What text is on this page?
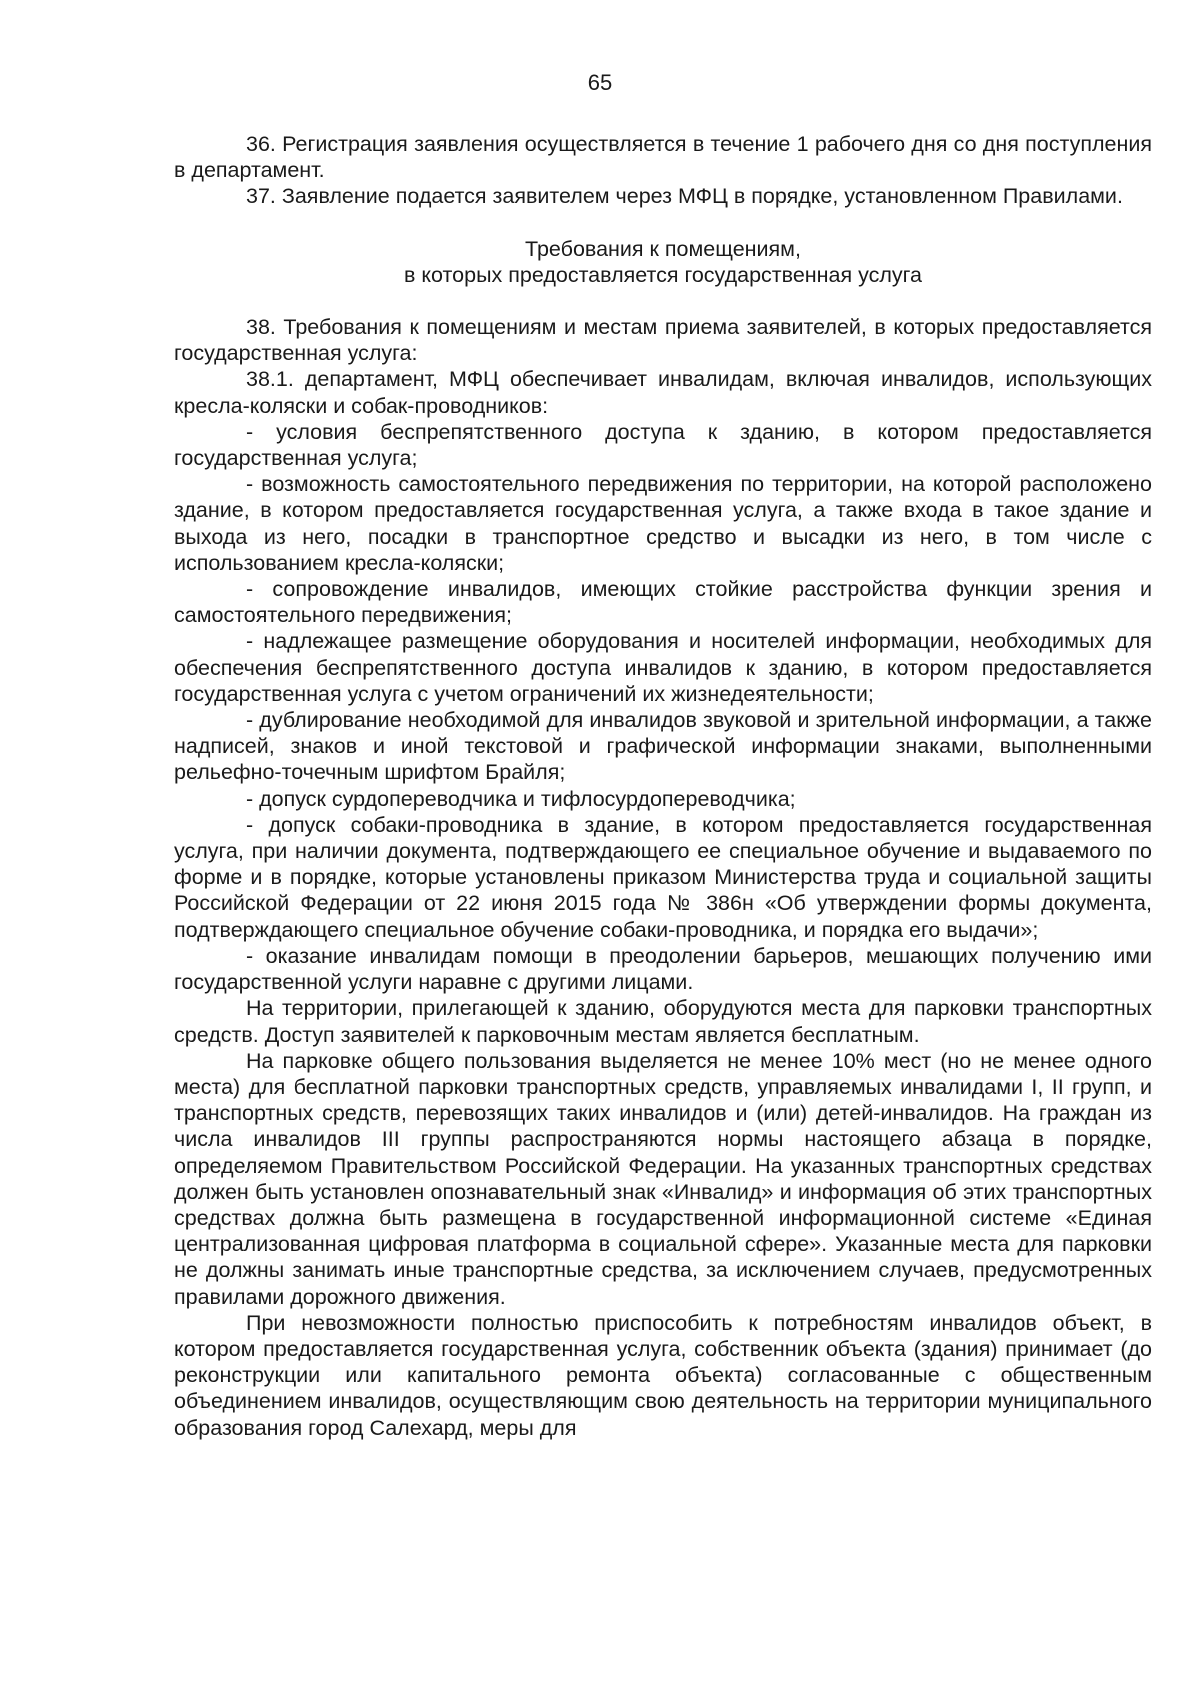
65

36. Регистрация заявления осуществляется в течение 1 рабочего дня со дня поступления в департамент.

37. Заявление подается заявителем через МФЦ в порядке, установленном Правилами.

Требования к помещениям,
в которых предоставляется государственная услуга

38. Требования к помещениям и местам приема заявителей, в которых предоставляется государственная услуга:

38.1. департамент, МФЦ обеспечивает инвалидам, включая инвалидов, использующих кресла-коляски и собак-проводников:

- условия беспрепятственного доступа к зданию, в котором предоставляется государственная услуга;

- возможность самостоятельного передвижения по территории, на которой расположено здание, в котором предоставляется государственная услуга, а также входа в такое здание и выхода из него, посадки в транспортное средство и высадки из него, в том числе с использованием кресла-коляски;

- сопровождение инвалидов, имеющих стойкие расстройства функции зрения и самостоятельного передвижения;

- надлежащее размещение оборудования и носителей информации, необходимых для обеспечения беспрепятственного доступа инвалидов к зданию, в котором предоставляется государственная услуга с учетом ограничений их жизнедеятельности;

- дублирование необходимой для инвалидов звуковой и зрительной информации, а также надписей, знаков и иной текстовой и графической информации знаками, выполненными рельефно-точечным шрифтом Брайля;

- допуск сурдопереводчика и тифлосурдопереводчика;

- допуск собаки-проводника в здание, в котором предоставляется государственная услуга, при наличии документа, подтверждающего ее специальное обучение и выдаваемого по форме и в порядке, которые установлены приказом Министерства труда и социальной защиты Российской Федерации от 22 июня 2015 года № 386н «Об утверждении формы документа, подтверждающего специальное обучение собаки-проводника, и порядка его выдачи»;

- оказание инвалидам помощи в преодолении барьеров, мешающих получению ими государственной услуги наравне с другими лицами.

На территории, прилегающей к зданию, оборудуются места для парковки транспортных средств. Доступ заявителей к парковочным местам является бесплатным.

На парковке общего пользования выделяется не менее 10% мест (но не менее одного места) для бесплатной парковки транспортных средств, управляемых инвалидами I, II групп, и транспортных средств, перевозящих таких инвалидов и (или) детей-инвалидов. На граждан из числа инвалидов III группы распространяются нормы настоящего абзаца в порядке, определяемом Правительством Российской Федерации. На указанных транспортных средствах должен быть установлен опознавательный знак «Инвалид» и информация об этих транспортных средствах должна быть размещена в государственной информационной системе «Единая централизованная цифровая платформа в социальной сфере». Указанные места для парковки не должны занимать иные транспортные средства, за исключением случаев, предусмотренных правилами дорожного движения.

При невозможности полностью приспособить к потребностям инвалидов объект, в котором предоставляется государственная услуга, собственник объекта (здания) принимает (до реконструкции или капитального ремонта объекта) согласованные с общественным объединением инвалидов, осуществляющим свою деятельность на территории муниципального образования город Салехард, меры для
